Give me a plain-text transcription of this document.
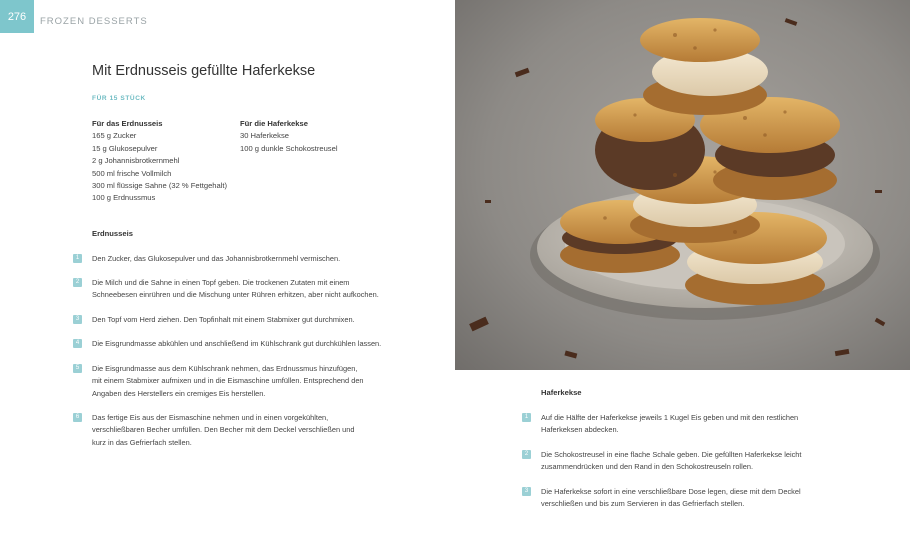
276 FROZEN DESSERTS
Mit Erdnusseis gefüllte Haferkekse
FÜR 15 STÜCK
Für das Erdnusseis
165 g Zucker
15 g Glukosepulver
2 g Johannisbrotkernmehl
500 ml frische Vollmilch
300 ml flüssige Sahne (32 % Fettgehalt)
100 g Erdnussmus
Für die Haferkekse
30 Haferkekse
100 g dunkle Schokostreusel
Erdnusseis
1	Den Zucker, das Glukosepulver und das Johannisbrotkernmehl vermischen.
2	Die Milch und die Sahne in einen Topf geben. Die trockenen Zutaten mit einem
Schneebesen einrühren und die Mischung unter Rühren erhitzen, aber nicht aufkochen.
3	Den Topf vom Herd ziehen. Den Topfinhalt mit einem Stabmixer gut durchmixen.
4	Die Eisgrundmasse abkühlen und anschließend im Kühlschrank gut durchkühlen lassen.
5	Die Eisgrundmasse aus dem Kühlschrank nehmen, das Erdnussmus hinzufügen,
mit einem Stabmixer aufmixen und in die Eismaschine umfüllen. Entsprechend den
Angaben des Herstellers ein cremiges Eis herstellen.
6	Das fertige Eis aus der Eismaschine nehmen und in einen vorgekühlten,
verschließbaren Becher umfüllen. Den Becher mit dem Deckel verschließen und
kurz in das Gefrierfach stellen.
Haferkekse
1	Auf die Hälfte der Haferkekse jeweils 1 Kugel Eis geben und mit den restlichen
Haferkeksen abdecken.
2	Die Schokostreusel in eine flache Schale geben. Die gefüllten Haferkekse leicht
zusammendrücken und den Rand in den Schokostreuseln rollen.
3	Die Haferkekse sofort in eine verschließbare Dose legen, diese mit dem Deckel
verschließen und bis zum Servieren in das Gefrierfach stellen.
